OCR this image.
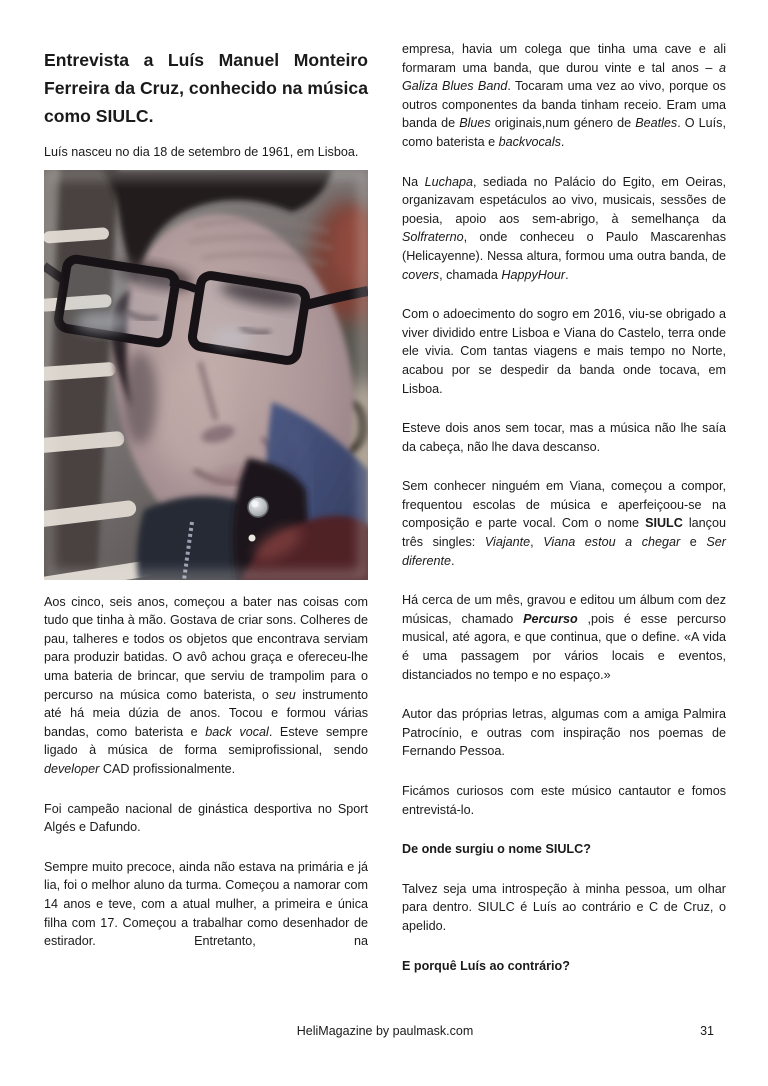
Entrevista a Luís Manuel Monteiro Ferreira da Cruz, conhecido na música como SIULC.

Luís nasceu no dia 18 de setembro de 1961, em Lisboa.

Aos cinco, seis anos, começou a bater nas coisas com tudo que tinha à mão. Gostava de criar sons. Colheres de pau, talheres e todos os objetos que encontrava serviam para produzir batidas. O avô achou graça e ofereceu-lhe uma bateria de brincar, que serviu de trampolim para o percurso na música como baterista, o seu instrumento até há meia dúzia de anos. Tocou e formou várias bandas, como baterista e back vocal. Esteve sempre ligado à música de forma semiprofissional, sendo developer CAD profissionalmente.

Foi campeão nacional de ginástica desportiva no Sport Algés e Dafundo.

Sempre muito precoce, ainda não estava na primária e já lia, foi o melhor aluno da turma. Começou a namorar com 14 anos e teve, com a atual mulher, a primeira e única filha com 17. Começou a trabalhar como desenhador de estirador. Entretanto, na

empresa, havia um colega que tinha uma cave e ali formaram uma banda, que durou vinte e tal anos – a Galiza Blues Band. Tocaram uma vez ao vivo, porque os outros componentes da banda tinham receio. Eram uma banda de Blues originais,num género de Beatles. O Luís, como baterista e backvocals.

Na Luchapa, sediada no Palácio do Egito, em Oeiras, organizavam espetáculos ao vivo, musicais, sessões de poesia, apoio aos sem-abrigo, à semelhança da Solfraterno, onde conheceu o Paulo Mascarenhas (Helicayenne). Nessa altura, formou uma outra banda, de covers, chamada HappyHour.

Com o adoecimento do sogro em 2016, viu-se obrigado a viver dividido entre Lisboa e Viana do Castelo, terra onde ele vivia. Com tantas viagens e mais tempo no Norte, acabou por se despedir da banda onde tocava, em Lisboa.

Esteve dois anos sem tocar, mas a música não lhe saía da cabeça, não lhe dava descanso.

Sem conhecer ninguém em Viana, começou a compor, frequentou escolas de música e aperfeiçoou-se na composição e parte vocal. Com o nome SIULC lançou três singles: Viajante, Viana estou a chegar e Ser diferente.

Há cerca de um mês, gravou e editou um álbum com dez músicas, chamado Percurso ,pois é esse percurso musical, até agora, e que continua, que o define. «A vida é uma passagem por vários locais e eventos, distanciados no tempo e no espaço.»

Autor das próprias letras, algumas com a amiga Palmira Patrocínio, e outras com inspiração nos poemas de Fernando Pessoa.

Ficámos curiosos com este músico cantautor e fomos entrevistá-lo.

De onde surgiu o nome SIULC?

Talvez seja uma introspeção à minha pessoa, um olhar para dentro. SIULC é Luís ao contrário e C de Cruz, o apelido.

E porquê Luís ao contrário?

HeliMagazine by paulmask.com	31
